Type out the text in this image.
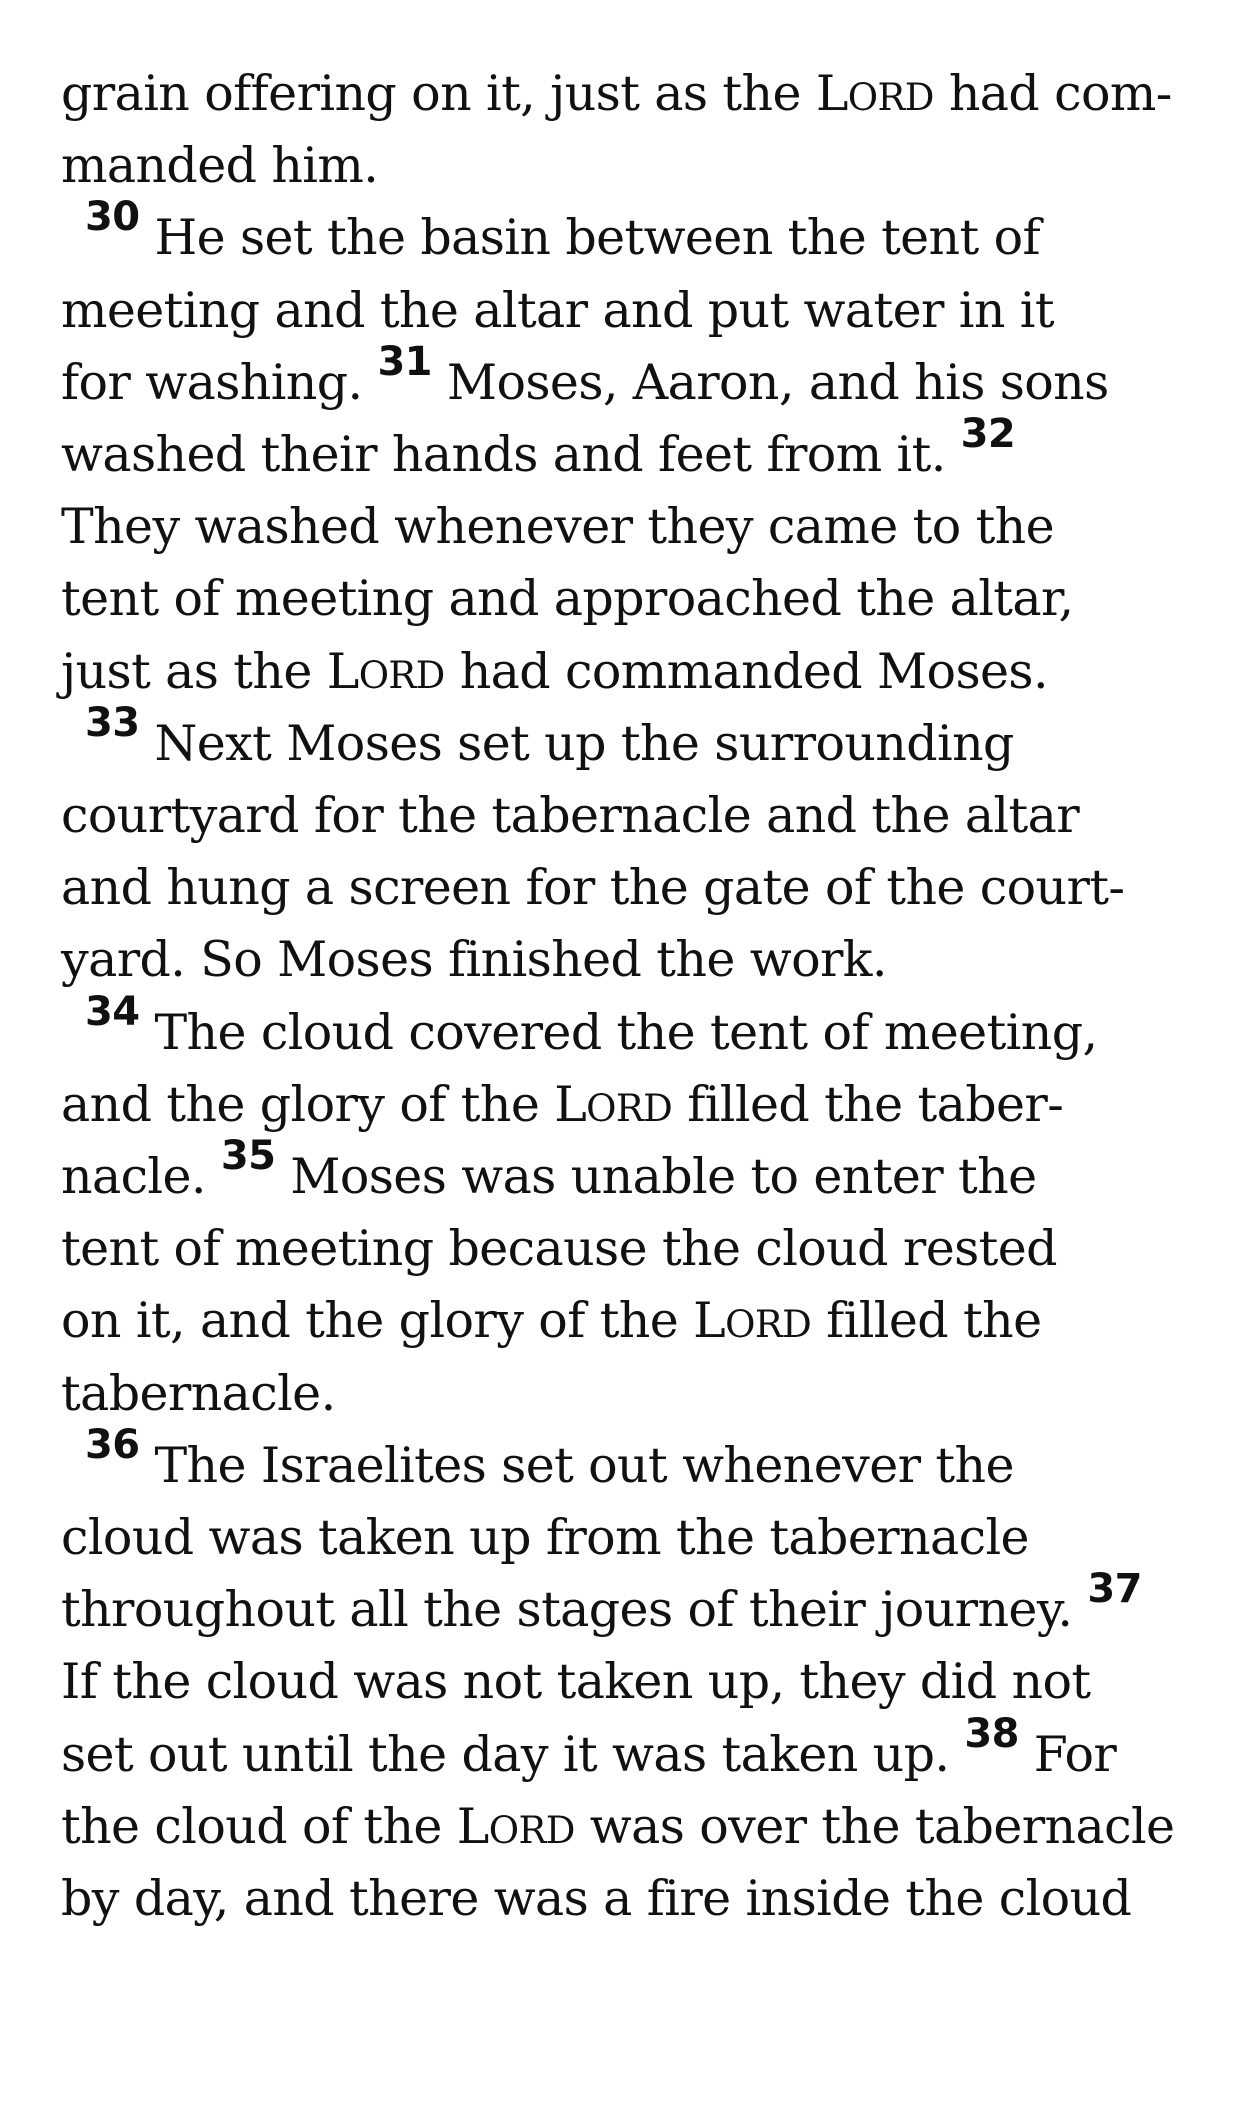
grain offering on it, just as the LORD had com-
manded him.
$^{30}$ He set the basin between the tent of
meeting and the altar and put water in it
for washing. $^{31}$ Moses, Aaron, and his sons
washed their hands and feet from it. $^{32}$
They washed whenever they came to the
tent of meeting and approached the altar,
just as the LORD had commanded Moses.
$^{33}$ Next Moses set up the surrounding
courtyard for the tabernacle and the altar
and hung a screen for the gate of the court-
yard. So Moses finished the work.
$^{34}$ The cloud covered the tent of meeting,
and the glory of the LORD filled the taber-
nacle. $^{35}$ Moses was unable to enter the
tent of meeting because the cloud rested
on it, and the glory of the LORD filled the
tabernacle.
$^{36}$ The Israelites set out whenever the
cloud was taken up from the tabernacle
throughout all the stages of their journey. $^{37}$
If the cloud was not taken up, they did not
set out until the day it was taken up. $^{38}$ For
the cloud of the LORD was over the tabernacle
by day, and there was a fire inside the cloud
